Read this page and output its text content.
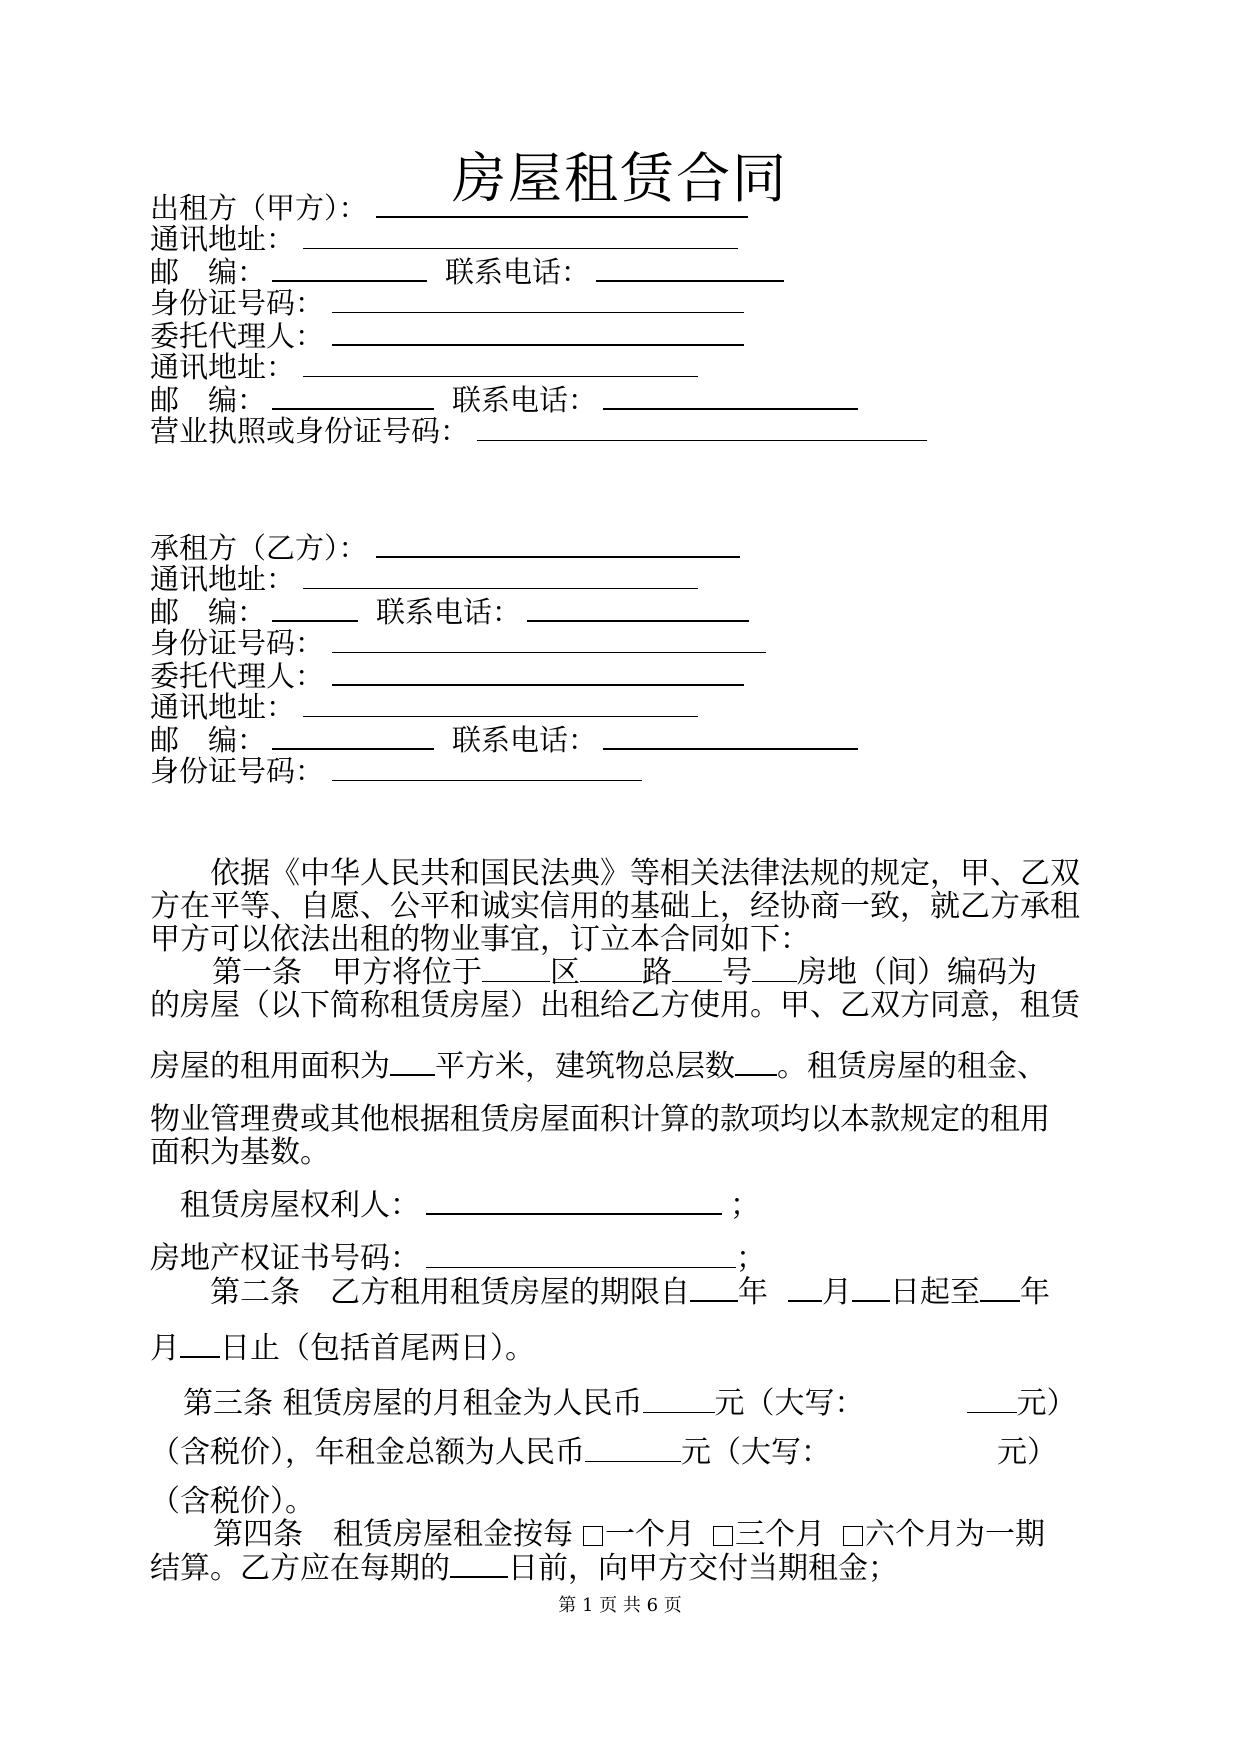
房屋租赁合同
出租方（甲方）：
通讯地址：
邮　编：	联系电话：
身份证号码：
委托代理人：
通讯地址：
邮　编：	联系电话：
营业执照或身份证号码：
承租方（乙方）：
通讯地址：
邮　编：	联系电话：
身份证号码：
委托代理人：
通讯地址：
邮　编：	联系电话：
身份证号码：
依据《中华人民共和国民法典》等相关法律法规的规定，甲、乙双
方在平等、自愿、公平和诚实信用的基础上，经协商一致，就乙方承租
甲方可以依法出租的物业事宜，订立本合同如下：
第一条　甲方将位于 区 路 号 房地（间）编码为
的房屋（以下简称租赁房屋）出租给乙方使用。甲、乙双方同意，租赁
房屋的租用面积为 平方米，建筑物总层数 。租赁房屋的租金、
物业管理费或其他根据租赁房屋面积计算的款项均以本款规定的租用
面积为基数。
租赁房屋权利人：	；
房地产权证书号码：	；
第二条　乙方租用租赁房屋的期限自 年 月 日起至 年
月 日止（包括首尾两日）。
第三条 租赁房屋的月租金为人民币 元（大写：	元）
（含税价），年租金总额为人民币	元（大写：	元）
（含税价）。
第四条　租赁房屋租金按每 一个月 三个月 六个月为一期
结算。乙方应在每期的 日前，向甲方交付当期租金；
第 1 页 共 6 页
